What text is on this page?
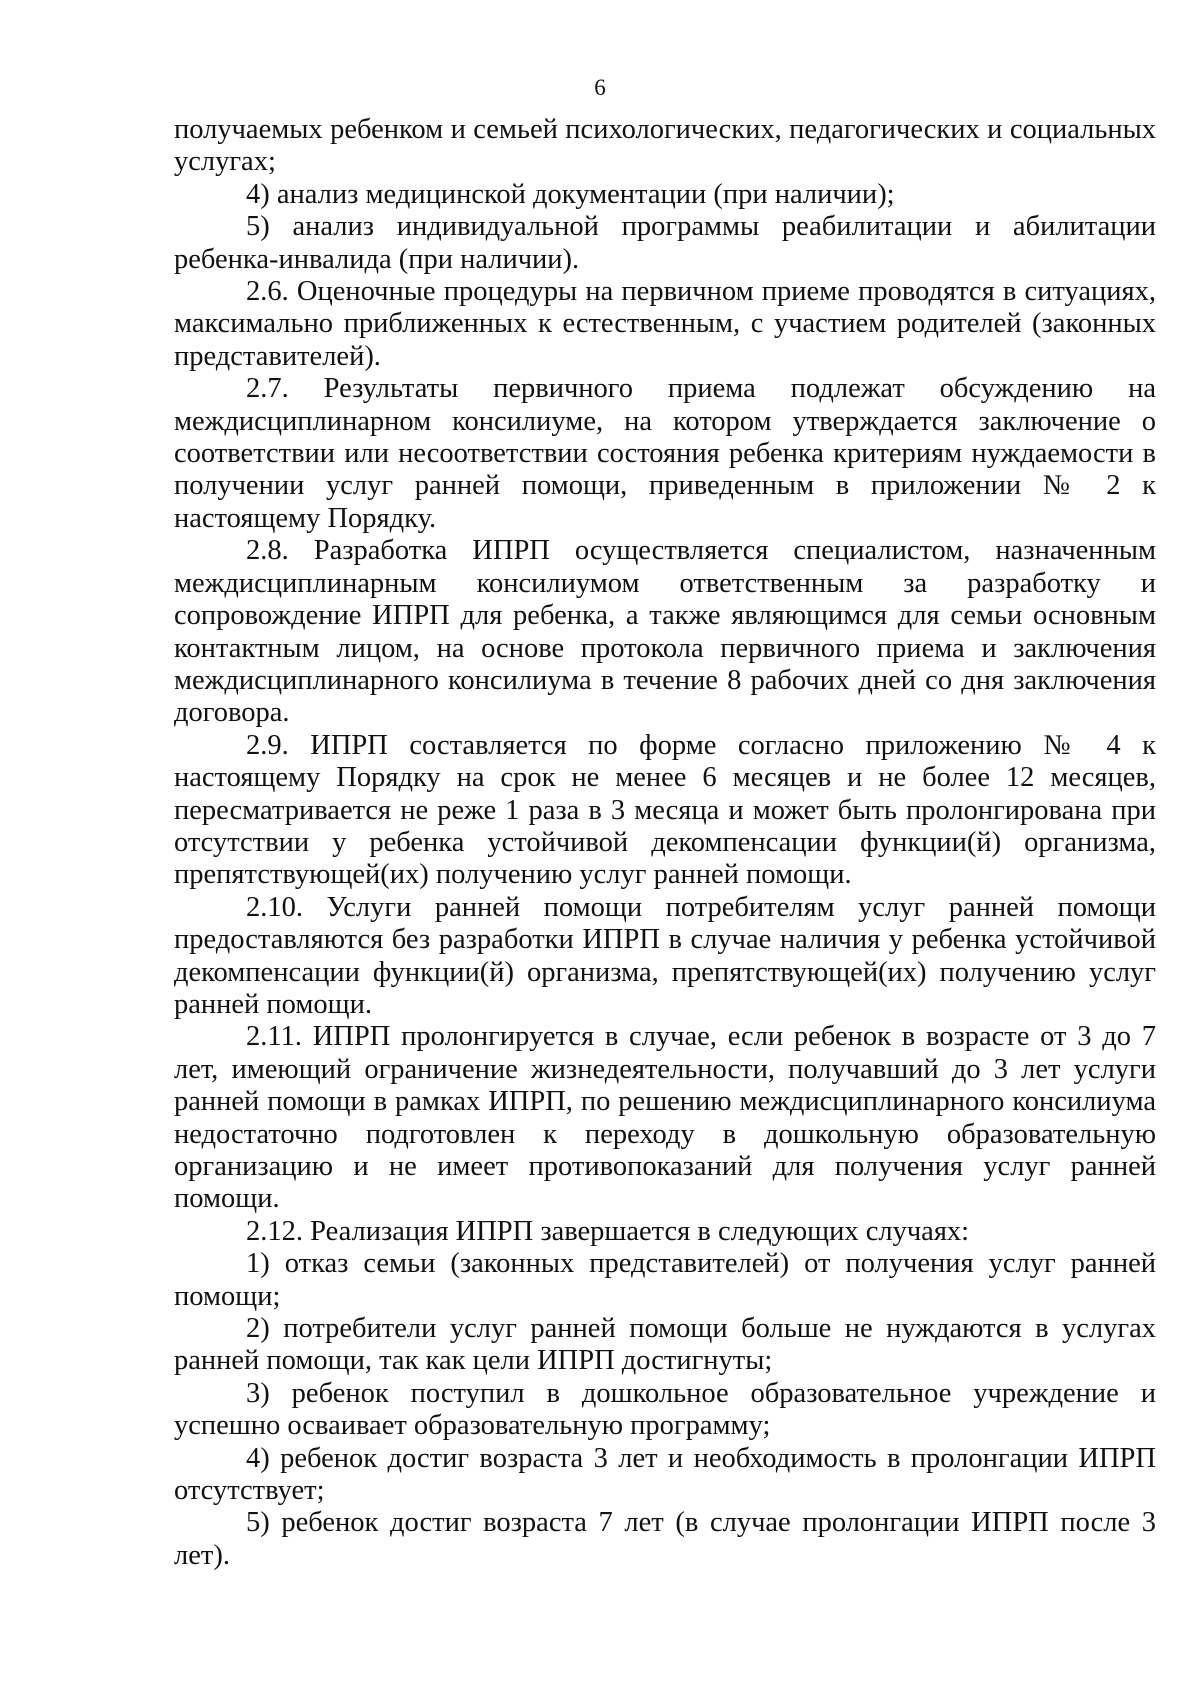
6

получаемых ребенком и семьей психологических, педагогических и социальных услугах;

4) анализ медицинской документации (при наличии);

5) анализ индивидуальной программы реабилитации и абилитации ребенка-инвалида (при наличии).

2.6. Оценочные процедуры на первичном приеме проводятся в ситуациях, максимально приближенных к естественным, с участием родителей (законных представителей).

2.7. Результаты первичного приема подлежат обсуждению на междисциплинарном консилиуме, на котором утверждается заключение о соответствии или несоответствии состояния ребенка критериям нуждаемости в получении услуг ранней помощи, приведенным в приложении № 2 к настоящему Порядку.

2.8. Разработка ИПРП осуществляется специалистом, назначенным междисциплинарным консилиумом ответственным за разработку и сопровождение ИПРП для ребенка, а также являющимся для семьи основным контактным лицом, на основе протокола первичного приема и заключения междисциплинарного консилиума в течение 8 рабочих дней со дня заключения договора.

2.9. ИПРП составляется по форме согласно приложению № 4 к настоящему Порядку на срок не менее 6 месяцев и не более 12 месяцев, пересматривается не реже 1 раза в 3 месяца и может быть пролонгирована при отсутствии у ребенка устойчивой декомпенсации функции(й) организма, препятствующей(их) получению услуг ранней помощи.

2.10. Услуги ранней помощи потребителям услуг ранней помощи предоставляются без разработки ИПРП в случае наличия у ребенка устойчивой декомпенсации функции(й) организма, препятствующей(их) получению услуг ранней помощи.

2.11. ИПРП пролонгируется в случае, если ребенок в возрасте от 3 до 7 лет, имеющий ограничение жизнедеятельности, получавший до 3 лет услуги ранней помощи в рамках ИПРП, по решению междисциплинарного консилиума недостаточно подготовлен к переходу в дошкольную образовательную организацию и не имеет противопоказаний для получения услуг ранней помощи.

2.12. Реализация ИПРП завершается в следующих случаях:

1) отказ семьи (законных представителей) от получения услуг ранней помощи;

2) потребители услуг ранней помощи больше не нуждаются в услугах ранней помощи, так как цели ИПРП достигнуты;

3) ребенок поступил в дошкольное образовательное учреждение и успешно осваивает образовательную программу;

4) ребенок достиг возраста 3 лет и необходимость в пролонгации ИПРП отсутствует;

5) ребенок достиг возраста 7 лет (в случае пролонгации ИПРП после 3 лет).
